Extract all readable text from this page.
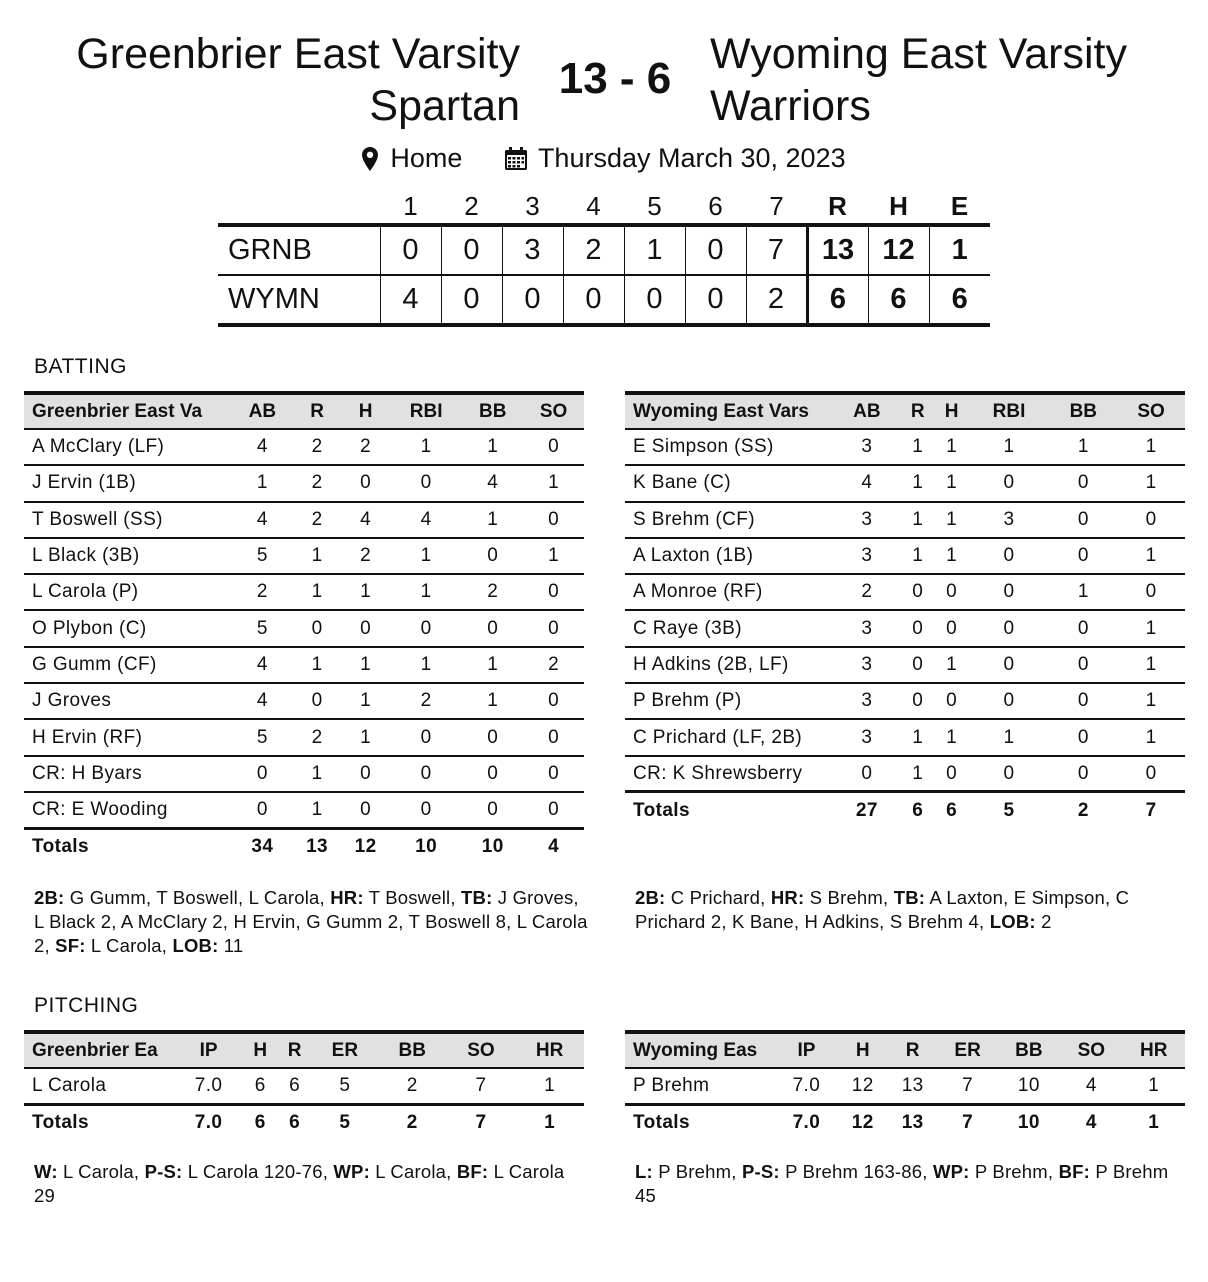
Greenbrier East Varsity Spartan
13 - 6 Wyoming East Varsity Warriors
Home
	Thursday March 30, 2023
	1	2	3	4	5	6	7	R	H	E
GRNB	0	0	3	2	1	0	7	13	12	1
WYMN	4	0	0	0	0	0	2	6	6	6
BATTING
Greenbrier East Va	AB	R	H	RBI	BB	SO
A McClary (LF)	4	2	2	1	1	0
J Ervin (1B)	1	2	0	0	4	1
T Boswell (SS)	4	2	4	4	1	0
L Black (3B)	5	1	2	1	0	1
L Carola (P)	2	1	1	1	2	0
O Plybon (C)	5	0	0	0	0	0
G Gumm (CF)	4	1	1	1	1	2
J Groves	4	0	1	2	1	0
H Ervin (RF)	5	2	1	0	0	0
CR: H Byars	0	1	0	0	0	0
CR: E Wooding	0	1	0	0	0	0
Totals	34	13	12	10	10	4
Wyoming East Vars	AB	R	H	RBI	BB	SO
E Simpson (SS)	3	1	1	1	1	1
K Bane (C)	4	1	1	0	0	1
S Brehm (CF)	3	1	1	3	0	0
A Laxton (1B)	3	1	1	0	0	1
A Monroe (RF)	2	0	0	0	1	0
C Raye (3B)	3	0	0	0	0	1
H Adkins (2B, LF)	3	0	1	0	0	1
P Brehm (P)	3	0	0	0	0	1
C Prichard (LF, 2B)	3	1	1	1	0	1
CR: K Shrewsberry	0	1	0	0	0	0
Totals	27	6	6	5	2	7
2B: G Gumm, T Boswell, L Carola, HR: T Boswell, TB: J Groves, L Black 2, A McClary 2, H Ervin, G Gumm 2, T Boswell 8, L Carola 2, SF: L Carola, LOB: 11
2B: C Prichard, HR: S Brehm, TB: A Laxton, E Simpson, C Prichard 2, K Bane, H Adkins, S Brehm 4, LOB: 2
PITCHING
Greenbrier Ea	IP	H	R	ER	BB	SO	HR
L Carola	7.0	6	6	5	2	7	1
Totals	7.0	6	6	5	2	7	1
Wyoming Eas	IP	H	R	ER	BB	SO	HR
P Brehm	7.0	12	13	7	10	4	1
Totals	7.0	12	13	7	10	4	1
W: L Carola, P-S: L Carola 120-76, WP: L Carola, BF: L Carola 29
L: P Brehm, P-S: P Brehm 163-86, WP: P Brehm, BF: P Brehm 45
